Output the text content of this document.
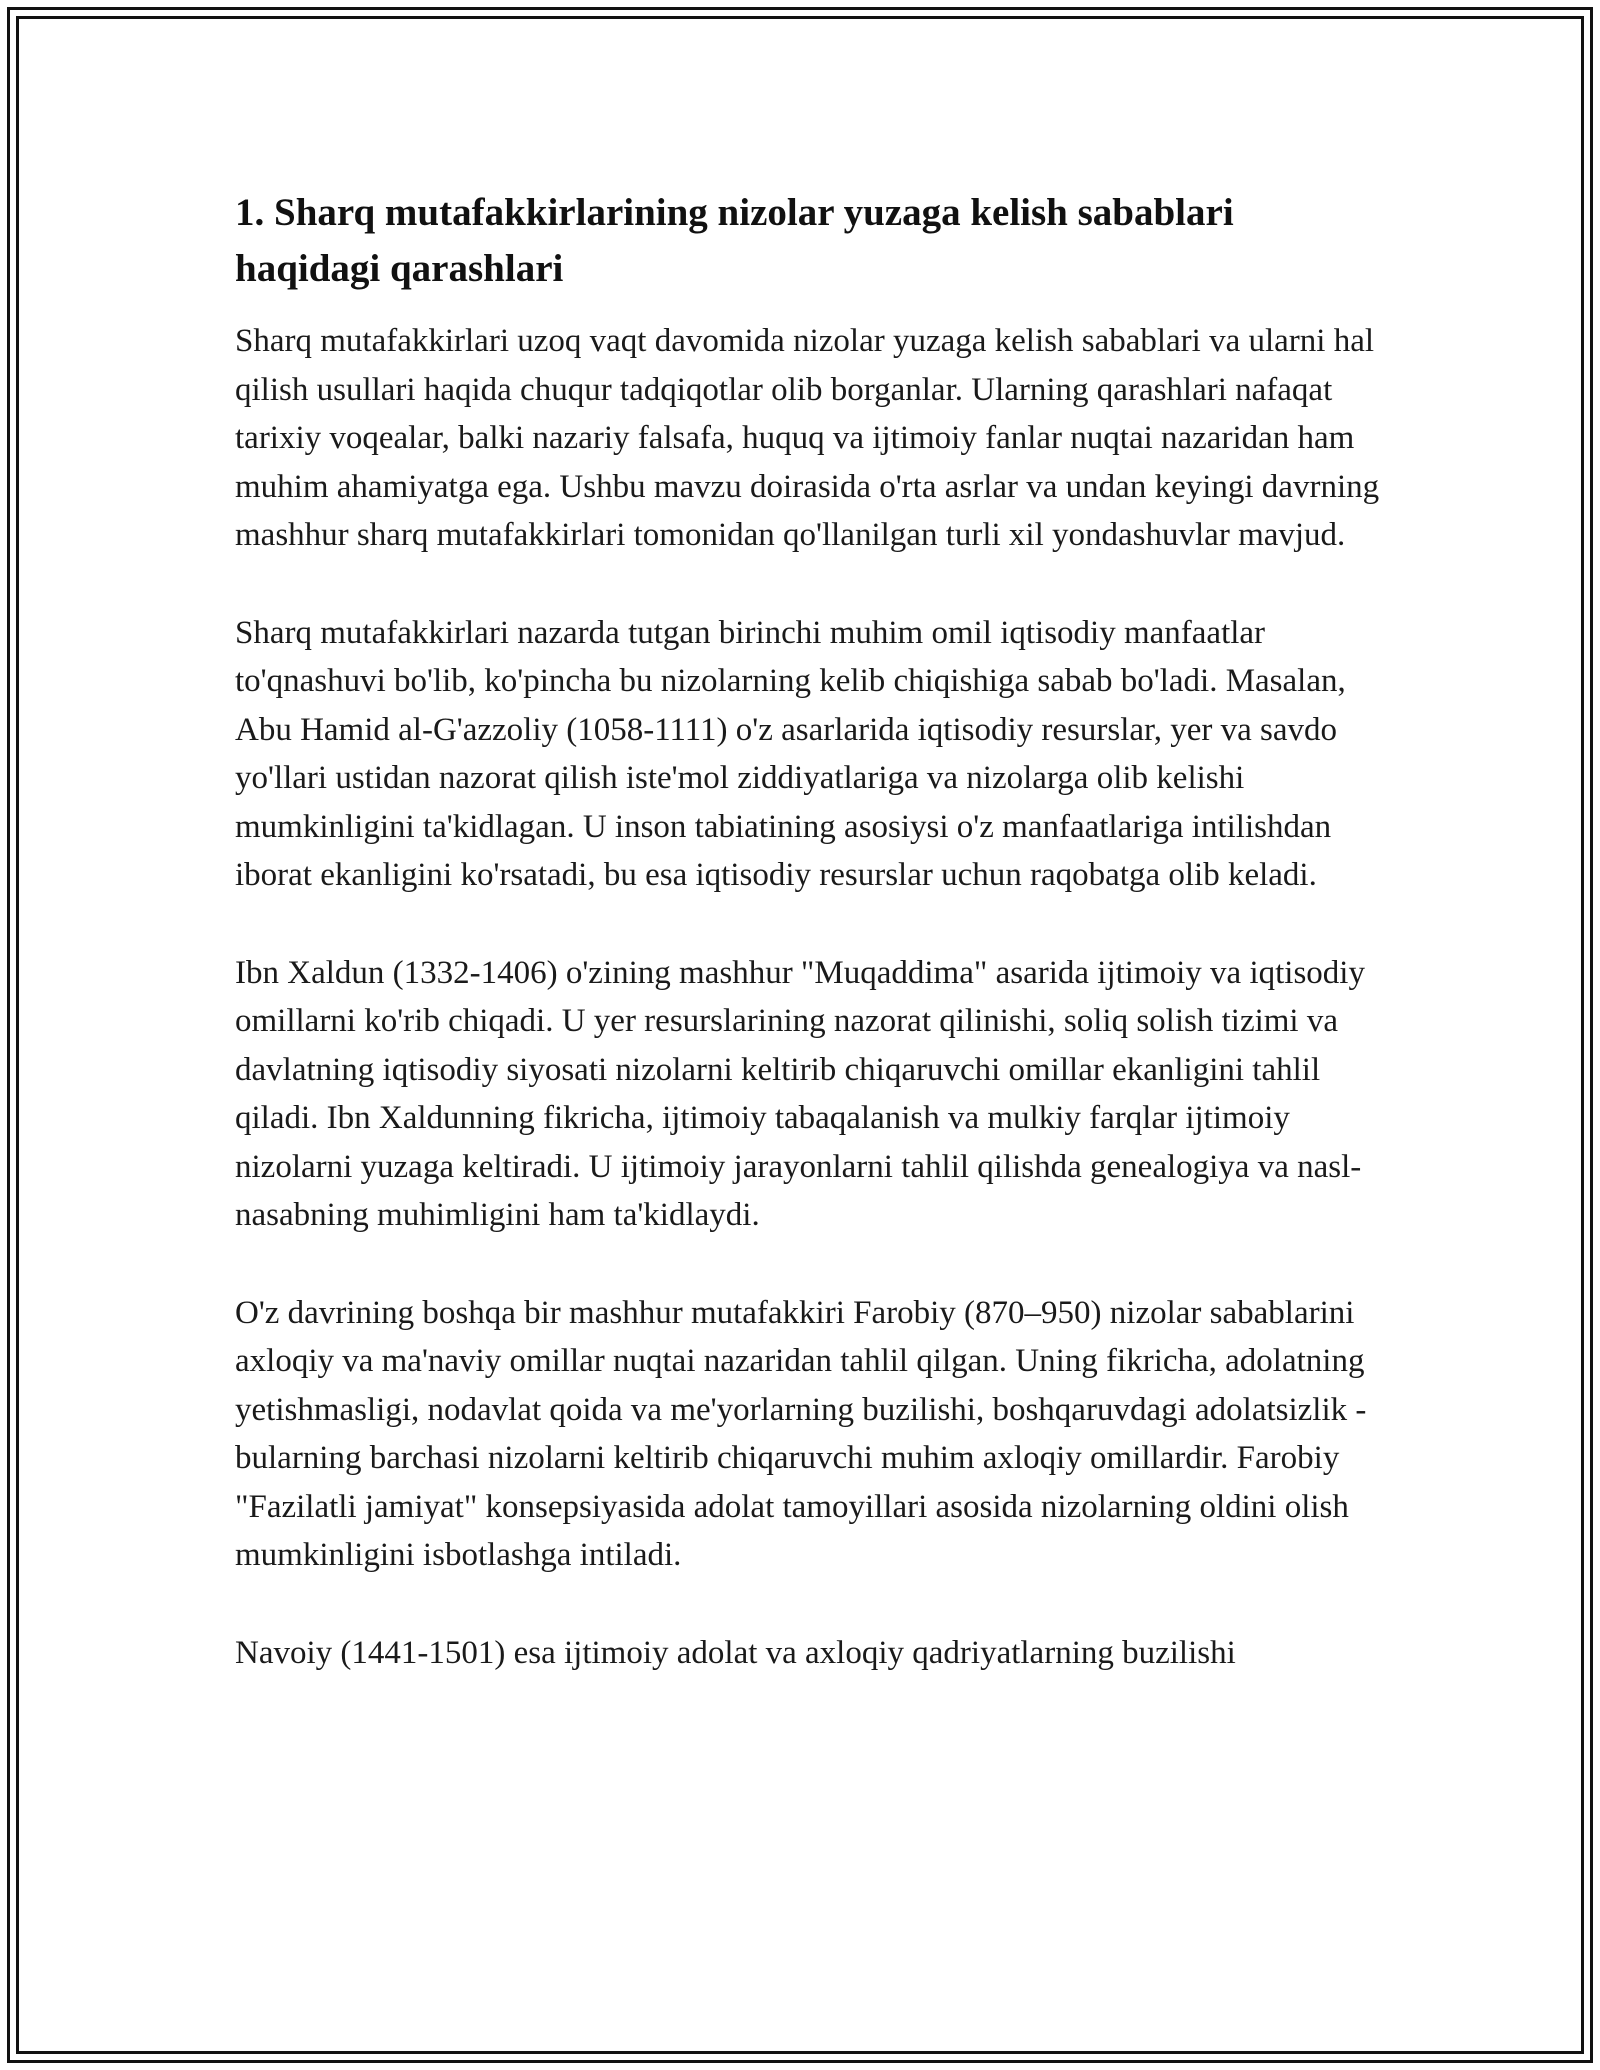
1. Sharq mutafakkirlarining nizolar yuzaga kelish sabablari haqidagi qarashlari

Sharq mutafakkirlari uzoq vaqt davomida nizolar yuzaga kelish sabablari va ularni hal qilish usullari haqida chuqur tadqiqotlar olib borganlar. Ularning qarashlari nafaqat tarixiy voqealar, balki nazariy falsafa, huquq va ijtimoiy fanlar nuqtai nazaridan ham muhim ahamiyatga ega. Ushbu mavzu doirasida o'rta asrlar va undan keyingi davrning mashhur sharq mutafakkirlari tomonidan qo'llanilgan turli xil yondashuvlar mavjud.

Sharq mutafakkirlari nazarda tutgan birinchi muhim omil iqtisodiy manfaatlar to'qnashuvi bo'lib, ko'pincha bu nizolarning kelib chiqishiga sabab bo'ladi. Masalan, Abu Hamid al-G'azzoliy (1058-1111) o'z asarlarida iqtisodiy resurslar, yer va savdo yo'llari ustidan nazorat qilish iste'mol ziddiyatlariga va nizolarga olib kelishi mumkinligini ta'kidlagan. U inson tabiatining asosiysi o'z manfaatlariga intilishdan iborat ekanligini ko'rsatadi, bu esa iqtisodiy resurslar uchun raqobatga olib keladi.

Ibn Xaldun (1332-1406) o'zining mashhur "Muqaddima" asarida ijtimoiy va iqtisodiy omillarni ko'rib chiqadi. U yer resurslarining nazorat qilinishi, soliq solish tizimi va davlatning iqtisodiy siyosati nizolarni keltirib chiqaruvchi omillar ekanligini tahlil qiladi. Ibn Xaldunning fikricha, ijtimoiy tabaqalanish va mulkiy farqlar ijtimoiy nizolarni yuzaga keltiradi. U ijtimoiy jarayonlarni tahlil qilishda genealogiya va nasl-nasabning muhimligini ham ta'kidlaydi.

O'z davrining boshqa bir mashhur mutafakkiri Farobiy (870–950) nizolar sabablarini axloqiy va ma'naviy omillar nuqtai nazaridan tahlil qilgan. Uning fikricha, adolatning yetishmasligi, nodavlat qoida va me'yorlarning buzilishi, boshqaruvdagi adolatsizlik - bularning barchasi nizolarni keltirib chiqaruvchi muhim axloqiy omillardir. Farobiy "Fazilatli jamiyat" konsepsiyasida adolat tamoyillari asosida nizolarning oldini olish mumkinligini isbotlashga intiladi.

Navoiy (1441-1501) esa ijtimoiy adolat va axloqiy qadriyatlarning buzilishi
